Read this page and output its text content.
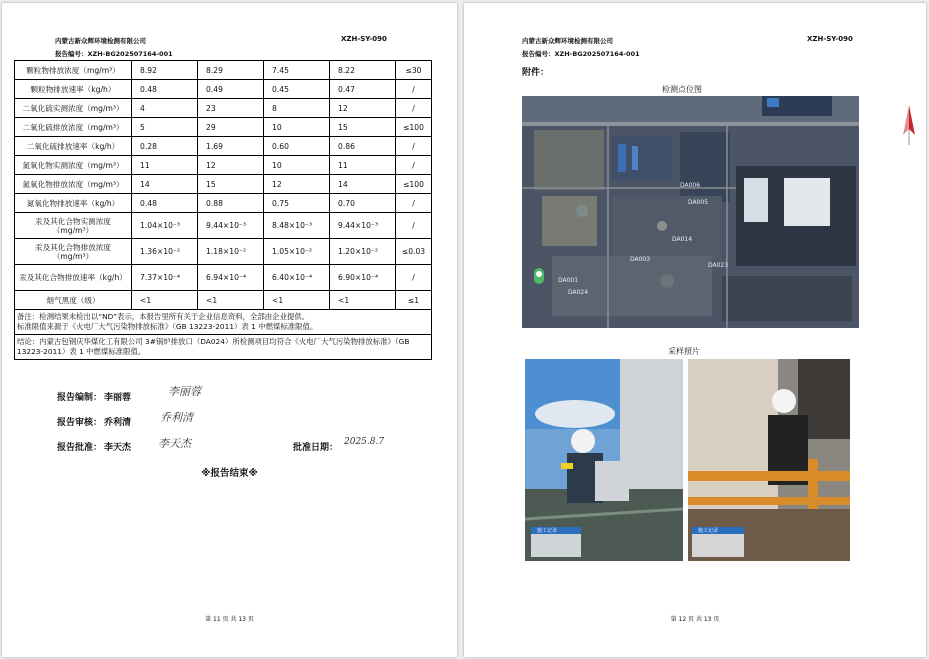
内蒙古新众辉环境检测有限公司
报告编号：XZH-BG202507164-001
XZH-SY-090
颗粒物排放浓度（mg/m³）	8.92	8.29	7.45	8.22	≤30
颗粒物排放速率（kg/h）	0.48	0.49	0.45	0.47	/
二氧化硫实测浓度（mg/m³）	4	23	8	12	/
二氧化硫排放浓度（mg/m³）	5	29	10	15	≤100
二氧化硫排放速率（kg/h）	0.28	1.69	0.60	0.86	/
氮氧化物实测浓度（mg/m³）	11	12	10	11	/
氮氧化物排放浓度（mg/m³）	14	15	12	14	≤100
氮氧化物排放速率（kg/h）	0.48	0.88	0.75	0.70	/
汞及其化合物实测浓度（mg/m³）	1.04×10⁻³	9.44×10⁻³	8.48×10⁻³	9.44×10⁻³	/
汞及其化合物排放浓度（mg/m³）	1.36×10⁻²	1.18×10⁻²	1.05×10⁻²	1.20×10⁻²	≤0.03
汞及其化合物排放速率（kg/h）	7.37×10⁻⁴	6.94×10⁻⁴	6.40×10⁻⁴	6.90×10⁻⁴	/
烟气黑度（级）	<1	<1	<1	<1	≤1

备注：检测结果未检出以“ND”表示，本报告里所有关于企业信息资料，全部由企业提供。
标准限值来源于《火电厂大气污染物排放标准》（GB 13223-2011）表 1 中燃煤标准限值。					

结论：内蒙古包钢庆华煤化工有限公司 3#锅炉排放口（DA024）所检测项目均符合《火电厂大气污染物排放标准》（GB 13223-2011）表 1 中燃煤标准限值。					
报告编制： 李丽蓉
报告审核： 乔利清
报告批准： 李天杰	批准日期：
李丽蓉
乔利清
李天杰	2025.8.7
※报告结束※
第 11 页 共 13 页
内蒙古新众辉环境检测有限公司
报告编号：XZH-BG202507164-001
XZH-SY-090
附件：
检测点位图
DA006
DA005
DA014
DA003
DA023
DA001
DA024
采样照片
施工记录	施工记录
第 12 页 共 13 页
